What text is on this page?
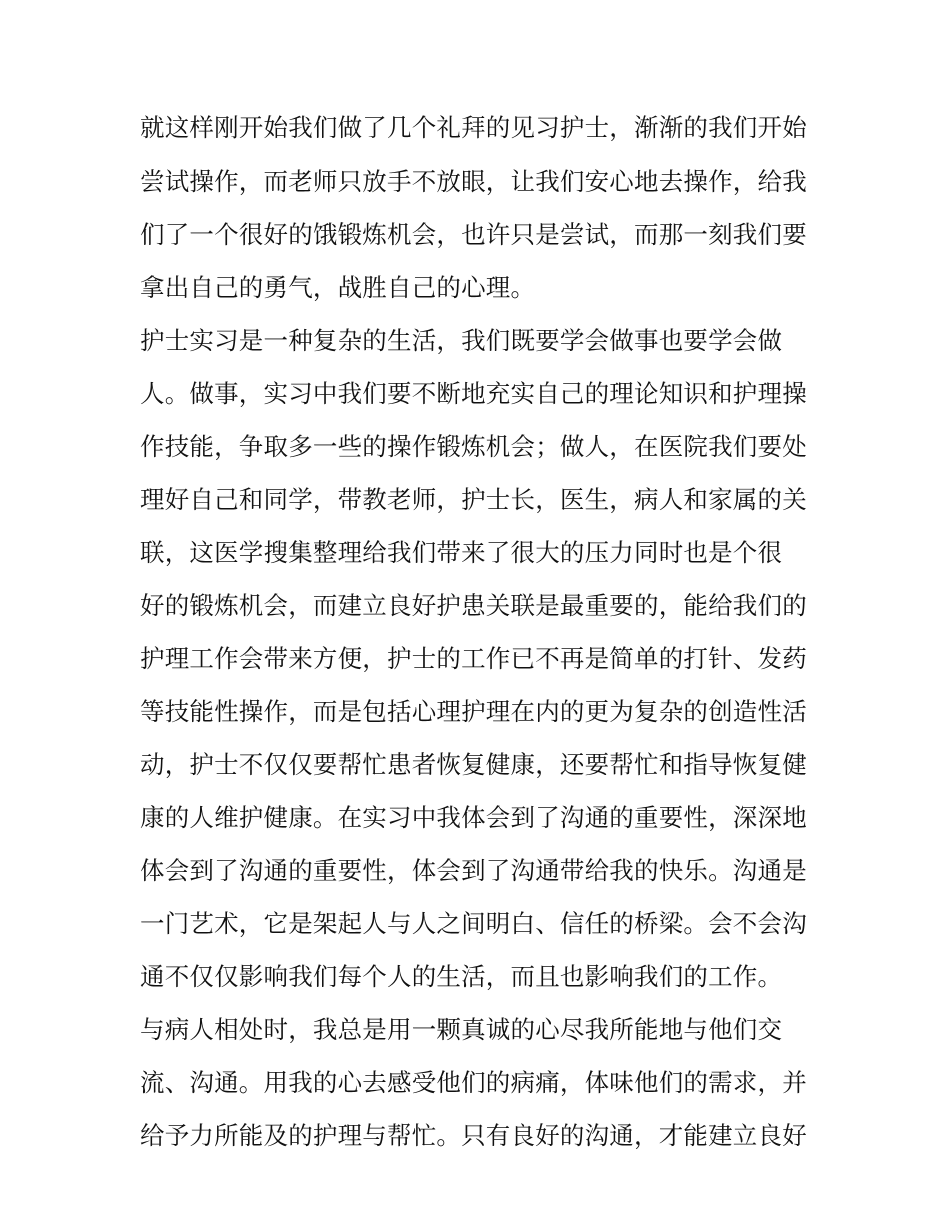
就这样刚开始我们做了几个礼拜的见习护士，渐渐的我们开始
尝试操作，而老师只放手不放眼，让我们安心地去操作，给我
们了一个很好的饿锻炼机会，也许只是尝试，而那一刻我们要
拿出自己的勇气，战胜自己的心理。
护士实习是一种复杂的生活，我们既要学会做事也要学会做
人。做事，实习中我们要不断地充实自己的理论知识和护理操
作技能，争取多一些的操作锻炼机会；做人，在医院我们要处
理好自己和同学，带教老师，护士长，医生，病人和家属的关
联，这医学搜集整理给我们带来了很大的压力同时也是个很
好的锻炼机会，而建立良好护患关联是最重要的，能给我们的
护理工作会带来方便，护士的工作已不再是简单的打针、发药
等技能性操作，而是包括心理护理在内的更为复杂的创造性活
动，护士不仅仅要帮忙患者恢复健康，还要帮忙和指导恢复健
康的人维护健康。在实习中我体会到了沟通的重要性，深深地
体会到了沟通的重要性，体会到了沟通带给我的快乐。沟通是
一门艺术，它是架起人与人之间明白、信任的桥梁。会不会沟
通不仅仅影响我们每个人的生活，而且也影响我们的工作。
与病人相处时，我总是用一颗真诚的心尽我所能地与他们交
流、沟通。用我的心去感受他们的病痛，体味他们的需求，并
给予力所能及的护理与帮忙。只有良好的沟通，才能建立良好
